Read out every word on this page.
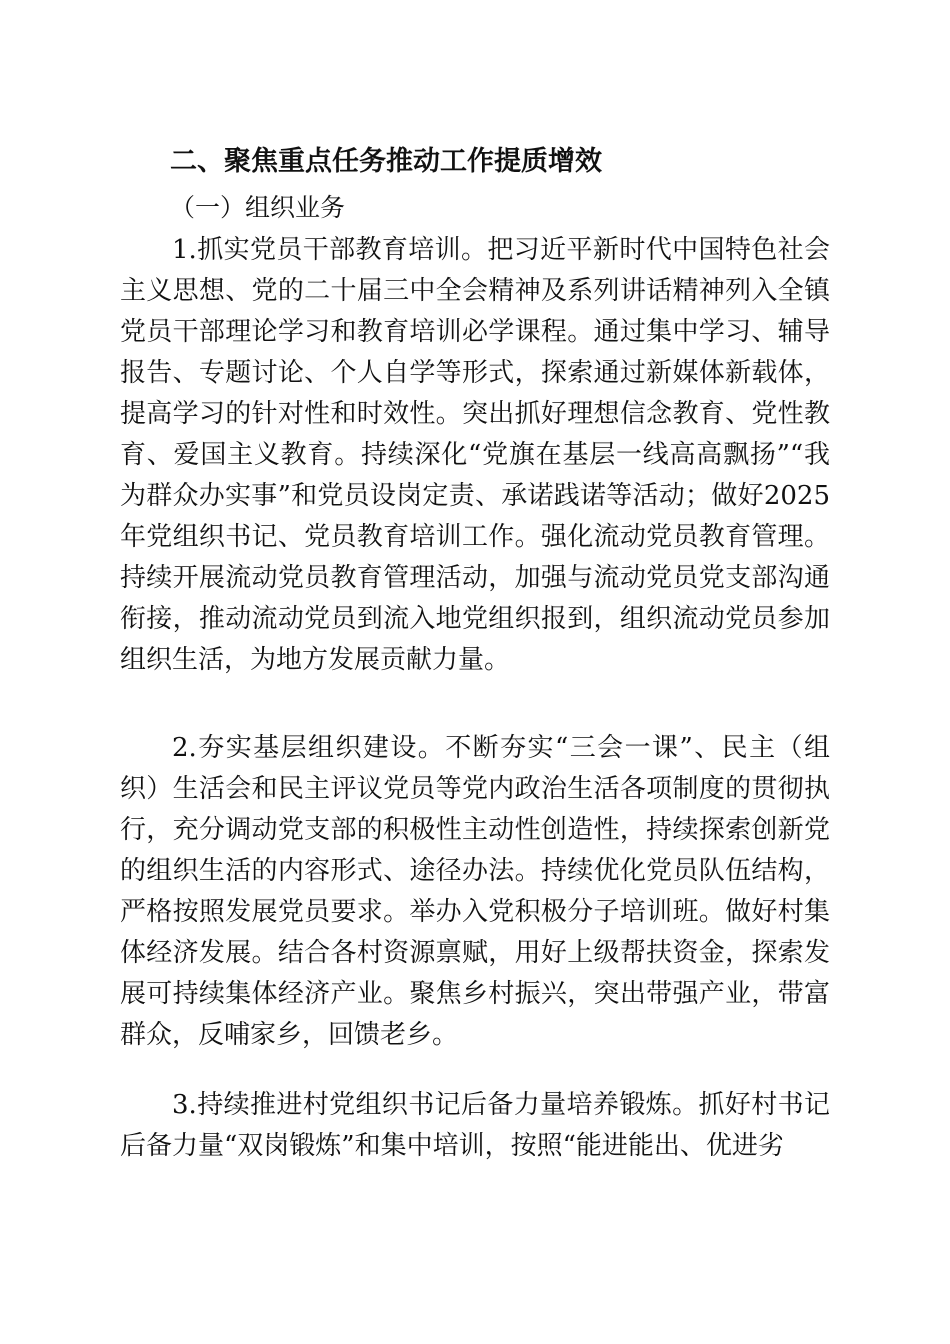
二、聚焦重点任务推动工作提质增效
（一）组织业务

1.抓实党员干部教育培训。把习近平新时代中国特色社会主义思想、党的二十届三中全会精神及系列讲话精神列入全镇党员干部理论学习和教育培训必学课程。通过集中学习、辅导报告、专题讨论、个人自学等形式，探索通过新媒体新载体，提高学习的针对性和时效性。突出抓好理想信念教育、党性教育、爱国主义教育。持续深化“党旗在基层一线高高飘扬”“我为群众办实事”和党员设岗定责、承诺践诺等活动；做好2025年党组织书记、党员教育培训工作。强化流动党员教育管理。持续开展流动党员教育管理活动，加强与流动党员党支部沟通衔接，推动流动党员到流入地党组织报到，组织流动党员参加组织生活，为地方发展贡献力量。

2.夯实基层组织建设。不断夯实“三会一课”、民主（组织）生活会和民主评议党员等党内政治生活各项制度的贯彻执行，充分调动党支部的积极性主动性创造性，持续探索创新党的组织生活的内容形式、途径办法。持续优化党员队伍结构，严格按照发展党员要求。举办入党积极分子培训班。做好村集体经济发展。结合各村资源禀赋，用好上级帮扶资金，探索发展可持续集体经济产业。聚焦乡村振兴，突出带强产业，带富群众，反哺家乡，回馈老乡。

3.持续推进村党组织书记后备力量培养锻炼。抓好村书记后备力量“双岗锻炼”和集中培训，按照“能进能出、优进劣
